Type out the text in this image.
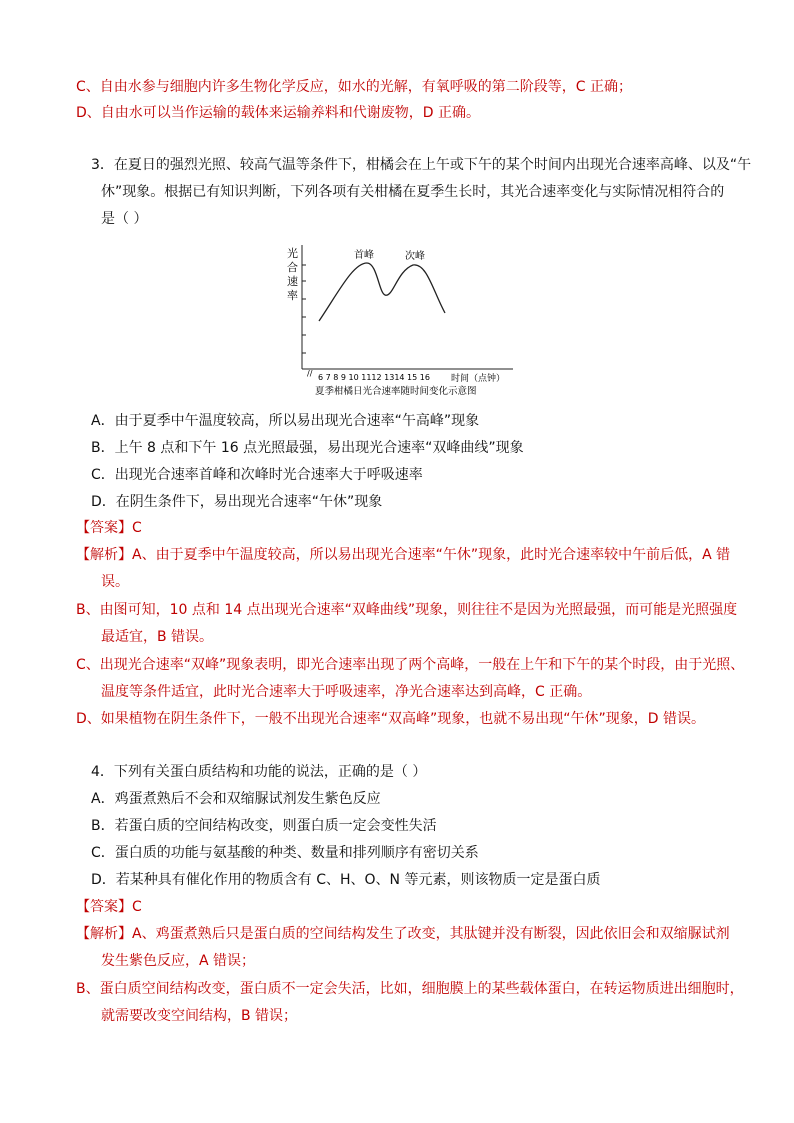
C、自由水参与细胞内许多生物化学反应，如水的光解，有氧呼吸的第二阶段等，C 正确；
D、自由水可以当作运输的载体来运输养料和代谢废物，D 正确。
3．在夏日的强烈光照、较高气温等条件下，柑橘会在上午或下午的某个时间内出现光合速率高峰、以及“午
休”现象。根据已有知识判断，下列各项有关柑橘在夏季生长时，其光合速率变化与实际情况相符合的
是（ ）
光
合
速
率
//
首峰	次峰
6 7 8 9 10 1112 1314 15 16 时间（点钟）
夏季柑橘日光合速率随时间变化示意图
A．由于夏季中午温度较高，所以易出现光合速率“午高峰”现象
B．上午 8 点和下午 16 点光照最强，易出现光合速率“双峰曲线”现象
C．出现光合速率首峰和次峰时光合速率大于呼吸速率
D．在阴生条件下，易出现光合速率“午休”现象
【答案】C
【解析】A、由于夏季中午温度较高，所以易出现光合速率“午休”现象，此时光合速率较中午前后低，A 错
误。
B、由图可知，10 点和 14 点出现光合速率“双峰曲线”现象，则往往不是因为光照最强，而可能是光照强度
最适宜，B 错误。
C、出现光合速率“双峰”现象表明，即光合速率出现了两个高峰，一般在上午和下午的某个时段，由于光照、
温度等条件适宜，此时光合速率大于呼吸速率，净光合速率达到高峰，C 正确。
D、如果植物在阴生条件下，一般不出现光合速率“双高峰”现象，也就不易出现“午休”现象，D 错误。
4．下列有关蛋白质结构和功能的说法，正确的是（ ）
A．鸡蛋煮熟后不会和双缩脲试剂发生紫色反应
B．若蛋白质的空间结构改变，则蛋白质一定会变性失活
C．蛋白质的功能与氨基酸的种类、数量和排列顺序有密切关系
D．若某种具有催化作用的物质含有 C、H、O、N 等元素，则该物质一定是蛋白质
【答案】C
【解析】A、鸡蛋煮熟后只是蛋白质的空间结构发生了改变，其肽键并没有断裂，因此依旧会和双缩脲试剂
发生紫色反应，A 错误；
B、蛋白质空间结构改变，蛋白质不一定会失活，比如，细胞膜上的某些载体蛋白，在转运物质进出细胞时，
就需要改变空间结构，B 错误；
